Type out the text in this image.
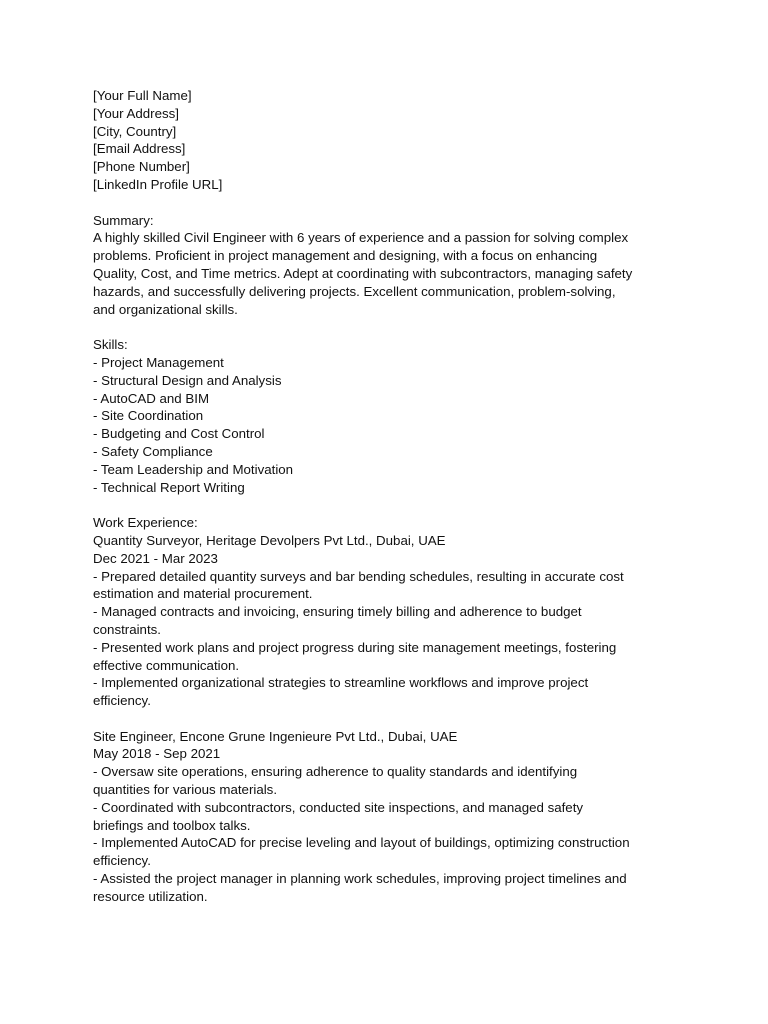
[Your Full Name]
[Your Address]
[City, Country]
[Email Address]
[Phone Number]
[LinkedIn Profile URL]
Summary:
A highly skilled Civil Engineer with 6 years of experience and a passion for solving complex
problems. Proficient in project management and designing, with a focus on enhancing
Quality, Cost, and Time metrics. Adept at coordinating with subcontractors, managing safety
hazards, and successfully delivering projects. Excellent communication, problem-solving,
and organizational skills.
Skills:
- Project Management
- Structural Design and Analysis
- AutoCAD and BIM
- Site Coordination
- Budgeting and Cost Control
- Safety Compliance
- Team Leadership and Motivation
- Technical Report Writing
Work Experience:
Quantity Surveyor, Heritage Devolpers Pvt Ltd., Dubai, UAE
Dec 2021 - Mar 2023
- Prepared detailed quantity surveys and bar bending schedules, resulting in accurate cost
estimation and material procurement.
- Managed contracts and invoicing, ensuring timely billing and adherence to budget
constraints.
- Presented work plans and project progress during site management meetings, fostering
effective communication.
- Implemented organizational strategies to streamline workflows and improve project
efficiency.
Site Engineer, Encone Grune Ingenieure Pvt Ltd., Dubai, UAE
May 2018 - Sep 2021
- Oversaw site operations, ensuring adherence to quality standards and identifying
quantities for various materials.
- Coordinated with subcontractors, conducted site inspections, and managed safety
briefings and toolbox talks.
- Implemented AutoCAD for precise leveling and layout of buildings, optimizing construction
efficiency.
- Assisted the project manager in planning work schedules, improving project timelines and
resource utilization.
